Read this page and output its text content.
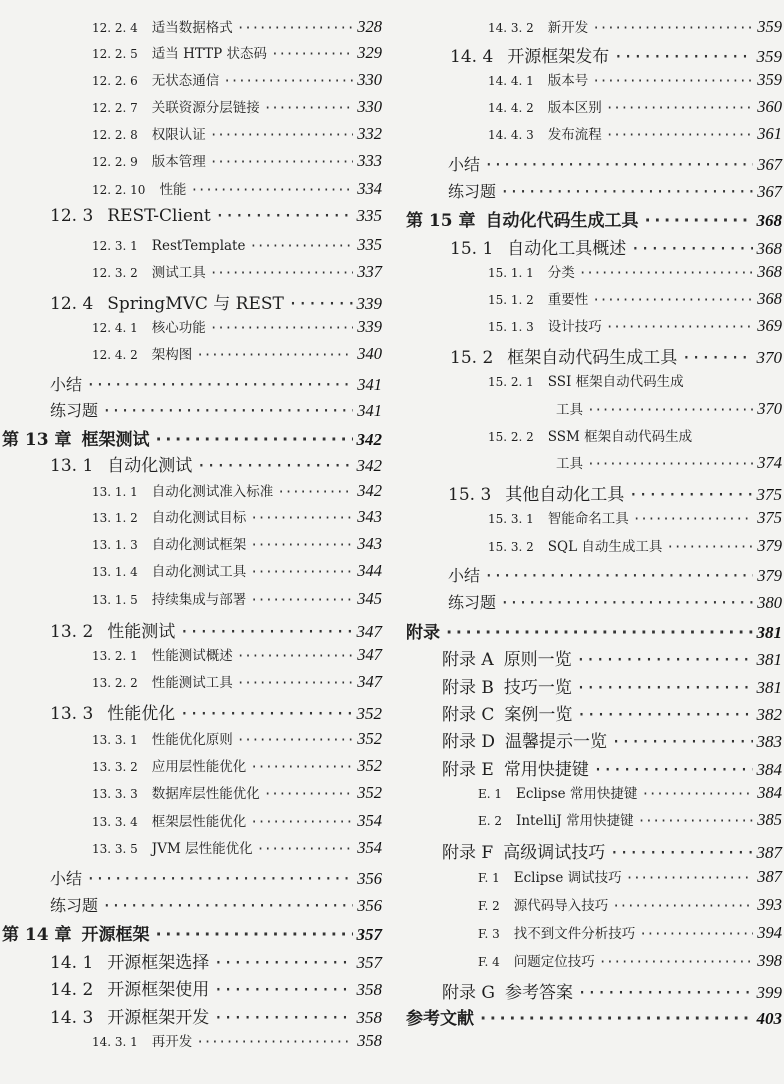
12. 2. 4 适当数据格式 ·····	328
12. 2. 5 适当 HTTP 状态码 ·····	329
12. 2. 6 无状态通信 ·····	330
12. 2. 7 关联资源分层链接 ·····	330
12. 2. 8 权限认证 ·····	332
12. 2. 9 版本管理 ·····	333
12. 2. 10 性能 ·····	334
12. 3 REST-Client ·····	335
12. 3. 1 RestTemplate ·····	335
12. 3. 2 测试工具 ·····	337
12. 4 SpringMVC 与 REST ·····	339
12. 4. 1 核心功能 ·····	339
12. 4. 2 架构图 ·····	340
小结 ·····	341
练习题 ·····	341
第 13 章 框架测试 ·····	342
13. 1 自动化测试 ·····	342
13. 1. 1 自动化测试准入标准 ·····	342
13. 1. 2 自动化测试目标 ·····	343
13. 1. 3 自动化测试框架 ·····	343
13. 1. 4 自动化测试工具 ·····	344
13. 1. 5 持续集成与部署 ·····	345
13. 2 性能测试 ·····	347
13. 2. 1 性能测试概述 ·····	347
13. 2. 2 性能测试工具 ·····	347
13. 3 性能优化 ·····	352
13. 3. 1 性能优化原则 ·····	352
13. 3. 2 应用层性能优化 ·····	352
13. 3. 3 数据库层性能优化 ·····	352
13. 3. 4 框架层性能优化 ·····	354
13. 3. 5 JVM 层性能优化 ·····	354
小结 ·····	356
练习题 ·····	356
第 14 章 开源框架 ·····	357
14. 1 开源框架选择 ·····	357
14. 2 开源框架使用 ·····	358
14. 3 开源框架开发 ·····	358
14. 3. 1 再开发 ·····	358
14. 3. 2 新开发 ·····	359
14. 4 开源框架发布 ·····	359
14. 4. 1 版本号 ·····	359
14. 4. 2 版本区别 ·····	360
14. 4. 3 发布流程 ·····	361
小结 ·····	367
练习题 ·····	367
第 15 章 自动化代码生成工具 ·····	368
15. 1 自动化工具概述 ·····	368
15. 1. 1 分类 ·····	368
15. 1. 2 重要性 ·····	368
15. 1. 3 设计技巧 ·····	369
15. 2 框架自动代码生成工具 ·····	370
15. 2. 1 SSI 框架自动代码生成
工具 ·····	370
15. 2. 2 SSM 框架自动代码生成
工具 ·····	374
15. 3 其他自动化工具 ·····	375
15. 3. 1 智能命名工具 ·····	375
15. 3. 2 SQL 自动生成工具 ·····	379
小结 ·····	379
练习题 ·····	380
附录 ·····	381
附录 A 原则一览 ·····	381
附录 B 技巧一览 ·····	381
附录 C 案例一览 ·····	382
附录 D 温馨提示一览 ·····	383
附录 E 常用快捷键 ·····	384
E. 1 Eclipse 常用快捷键 ·····	384
E. 2 IntelliJ 常用快捷键 ·····	385
附录 F 高级调试技巧 ·····	387
F. 1 Eclipse 调试技巧 ·····	387
F. 2 源代码导入技巧 ·····	393
F. 3 找不到文件分析技巧 ·····	394
F. 4 问题定位技巧 ·····	398
附录 G 参考答案 ·····	399
参考文献 ·····	403
